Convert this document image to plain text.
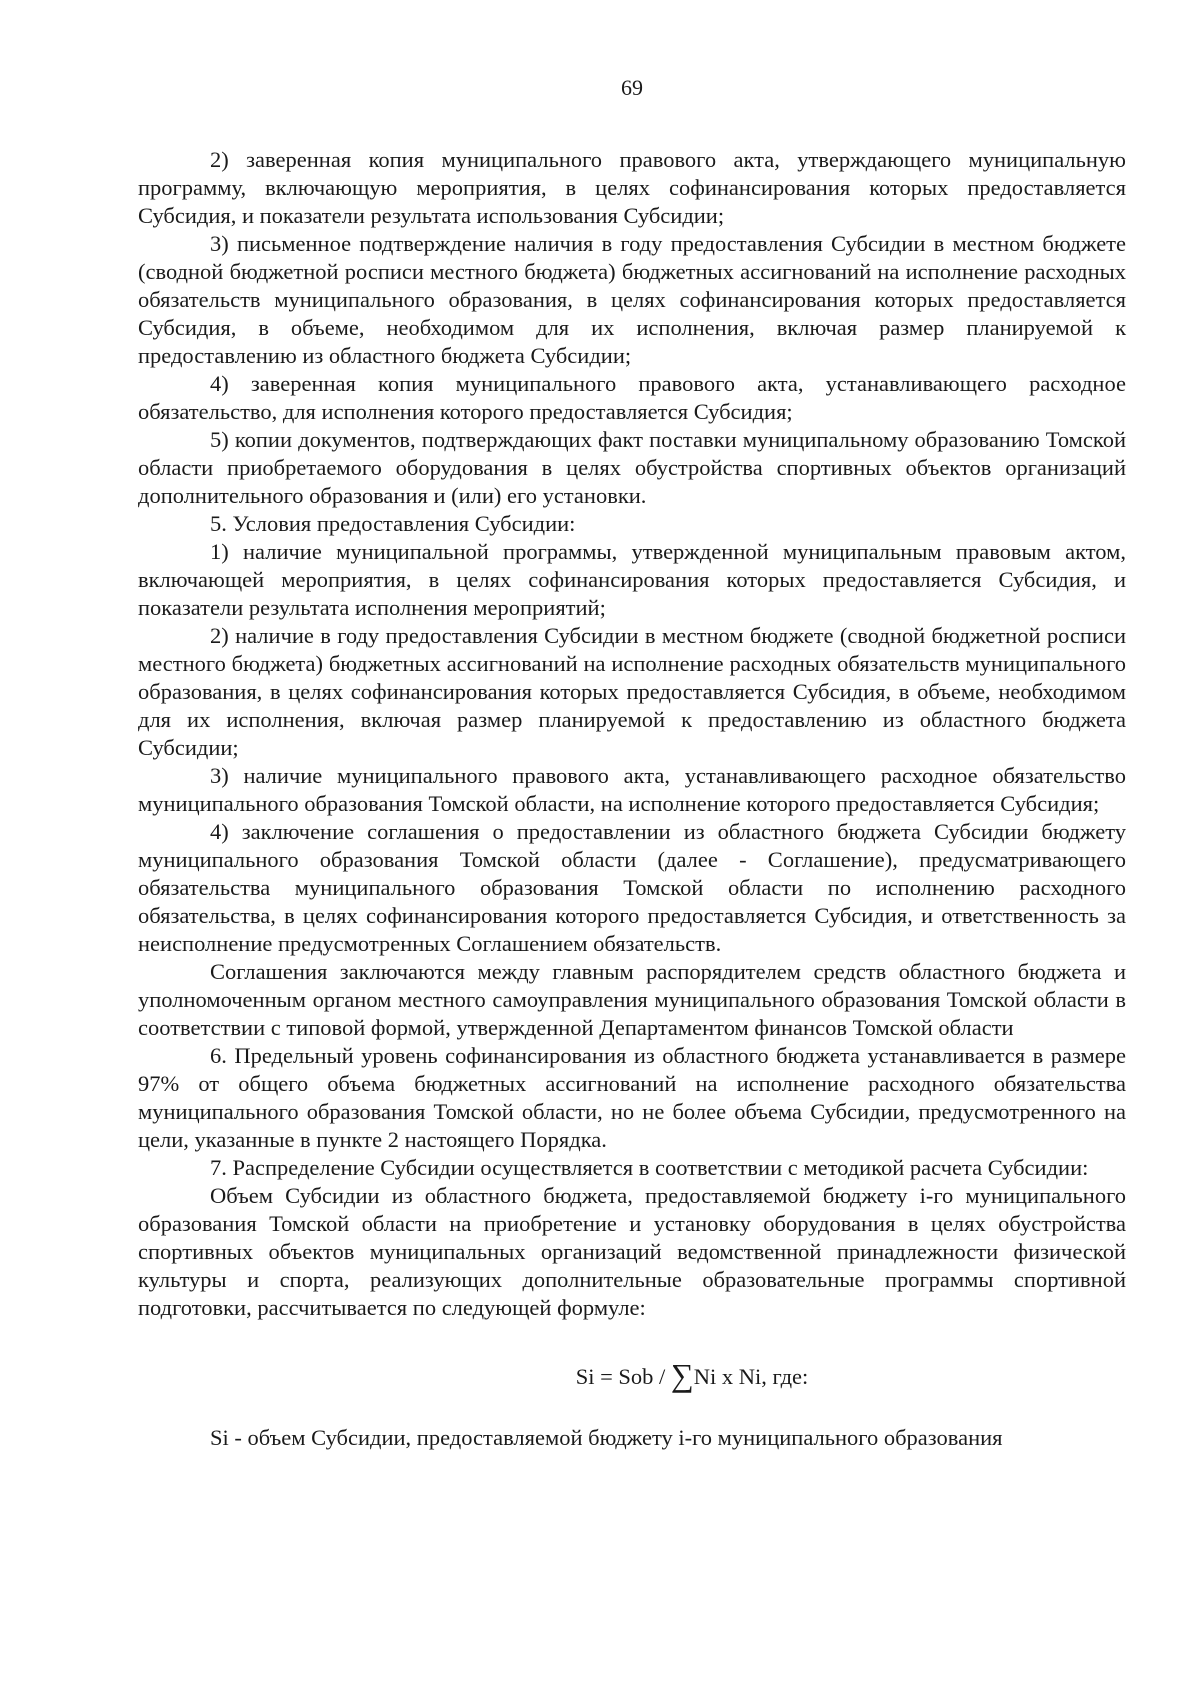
69

2) заверенная копия муниципального правового акта, утверждающего муниципальную программу, включающую мероприятия, в целях софинансирования которых предоставляется Субсидия, и показатели результата использования Субсидии;

3) письменное подтверждение наличия в году предоставления Субсидии в местном бюджете (сводной бюджетной росписи местного бюджета) бюджетных ассигнований на исполнение расходных обязательств муниципального образования, в целях софинансирования которых предоставляется Субсидия, в объеме, необходимом для их исполнения, включая размер планируемой к предоставлению из областного бюджета Субсидии;

4) заверенная копия муниципального правового акта, устанавливающего расходное обязательство, для исполнения которого предоставляется Субсидия;

5) копии документов, подтверждающих факт поставки муниципальному образованию Томской области приобретаемого оборудования в целях обустройства спортивных объектов организаций дополнительного образования и (или) его установки.

5. Условия предоставления Субсидии:

1) наличие муниципальной программы, утвержденной муниципальным правовым актом, включающей мероприятия, в целях софинансирования которых предоставляется Субсидия, и показатели результата исполнения мероприятий;

2) наличие в году предоставления Субсидии в местном бюджете (сводной бюджетной росписи местного бюджета) бюджетных ассигнований на исполнение расходных обязательств муниципального образования, в целях софинансирования которых предоставляется Субсидия, в объеме, необходимом для их исполнения, включая размер планируемой к предоставлению из областного бюджета Субсидии;

3) наличие муниципального правового акта, устанавливающего расходное обязательство муниципального образования Томской области, на исполнение которого предоставляется Субсидия;

4) заключение соглашения о предоставлении из областного бюджета Субсидии бюджету муниципального образования Томской области (далее - Соглашение), предусматривающего обязательства муниципального образования Томской области по исполнению расходного обязательства, в целях софинансирования которого предоставляется Субсидия, и ответственность за неисполнение предусмотренных Соглашением обязательств.

Соглашения заключаются между главным распорядителем средств областного бюджета и уполномоченным органом местного самоуправления муниципального образования Томской области в соответствии с типовой формой, утвержденной Департаментом финансов Томской области

6. Предельный уровень софинансирования из областного бюджета устанавливается в размере 97% от общего объема бюджетных ассигнований на исполнение расходного обязательства муниципального образования Томской области, но не более объема Субсидии, предусмотренного на цели, указанные в пункте 2 настоящего Порядка.

7. Распределение Субсидии осуществляется в соответствии с методикой расчета Субсидии:

Объем Субсидии из областного бюджета, предоставляемой бюджету i-го муниципального образования Томской области на приобретение и установку оборудования в целях обустройства спортивных объектов муниципальных организаций ведомственной принадлежности физической культуры и спорта, реализующих дополнительные образовательные программы спортивной подготовки, рассчитывается по следующей формуле:

Si = Sob / ∑Ni x Ni, где:

Si - объем Субсидии, предоставляемой бюджету i-го муниципального образования
